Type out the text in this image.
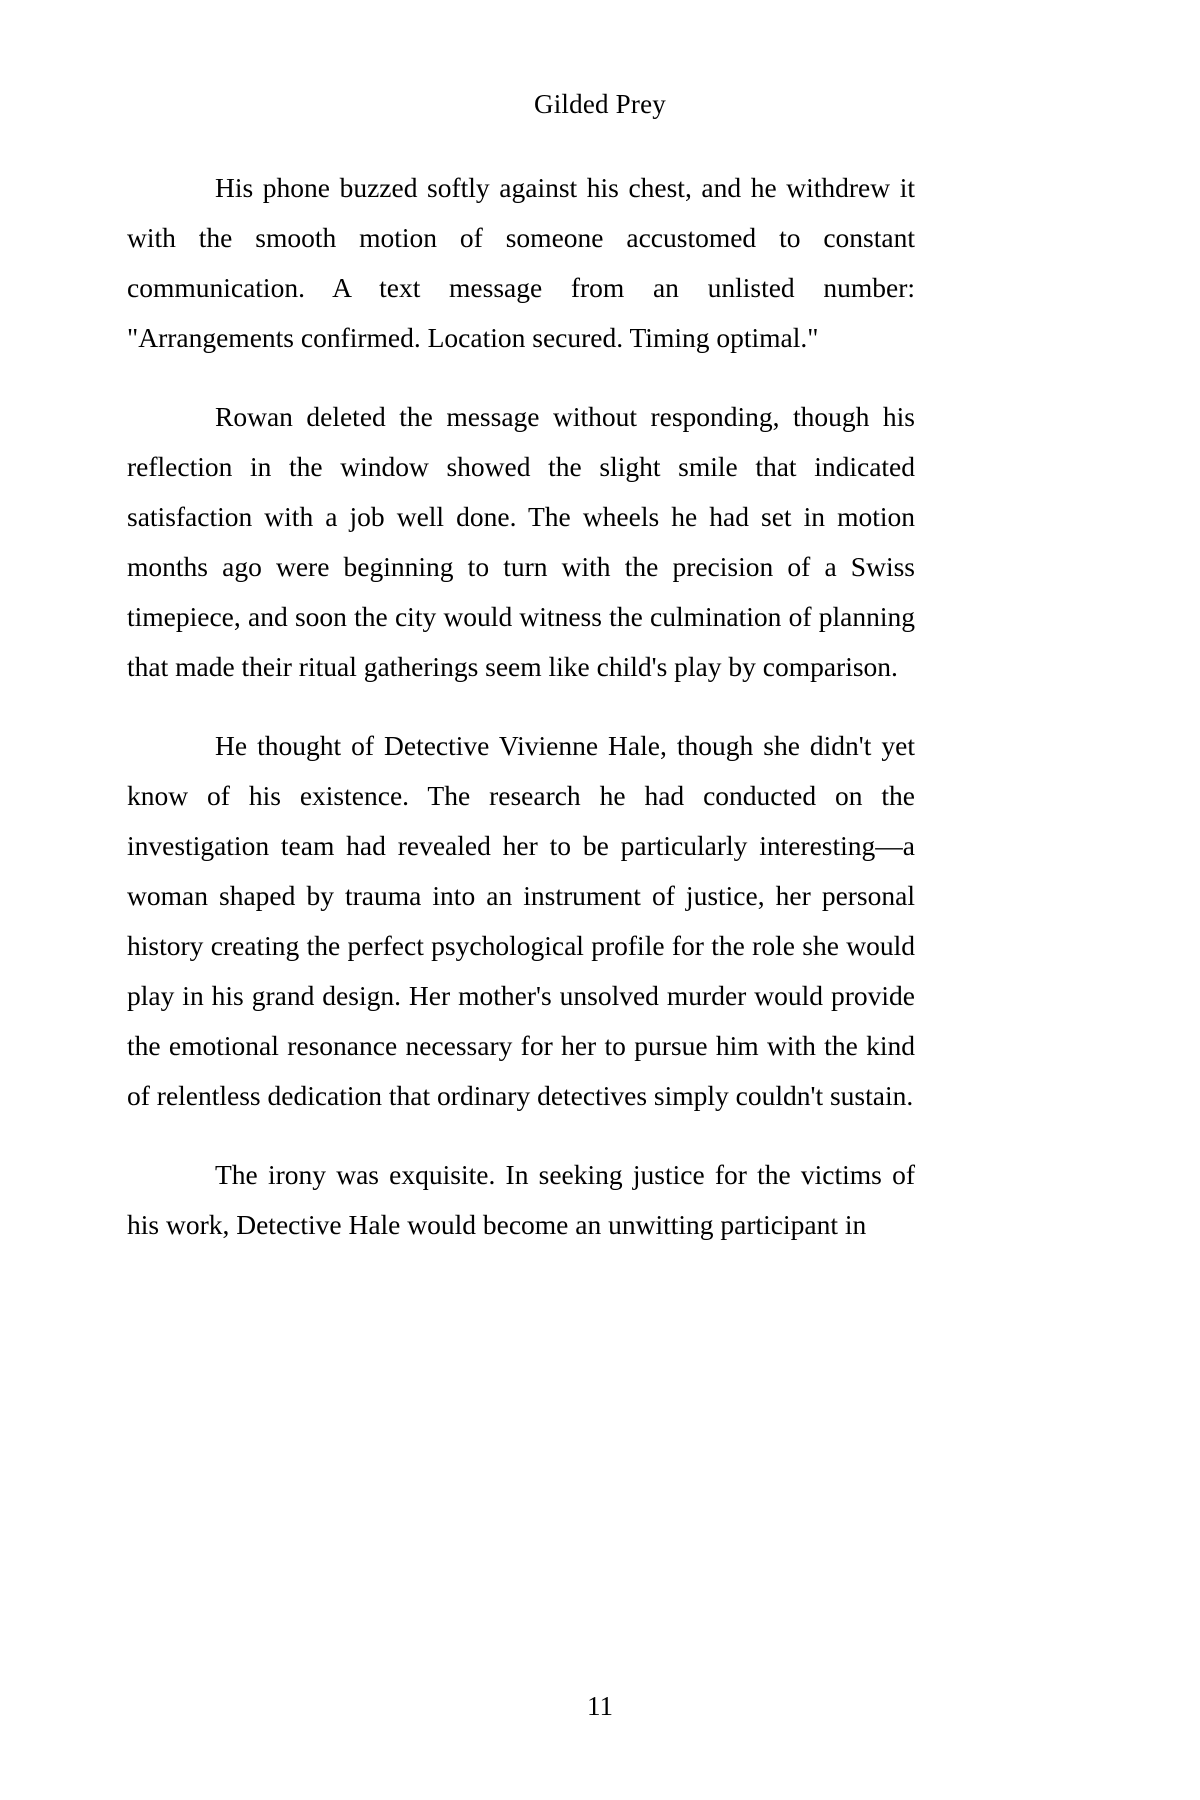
Gilded Prey

His phone buzzed softly against his chest, and he withdrew it with the smooth motion of someone accustomed to constant communication. A text message from an unlisted number: "Arrangements confirmed. Location secured. Timing optimal."

Rowan deleted the message without responding, though his reflection in the window showed the slight smile that indicated satisfaction with a job well done. The wheels he had set in motion months ago were beginning to turn with the precision of a Swiss timepiece, and soon the city would witness the culmination of planning that made their ritual gatherings seem like child's play by comparison.

He thought of Detective Vivienne Hale, though she didn't yet know of his existence. The research he had conducted on the investigation team had revealed her to be particularly interesting—a woman shaped by trauma into an instrument of justice, her personal history creating the perfect psychological profile for the role she would play in his grand design. Her mother's unsolved murder would provide the emotional resonance necessary for her to pursue him with the kind of relentless dedication that ordinary detectives simply couldn't sustain.

The irony was exquisite. In seeking justice for the victims of his work, Detective Hale would become an unwitting participant in

11
